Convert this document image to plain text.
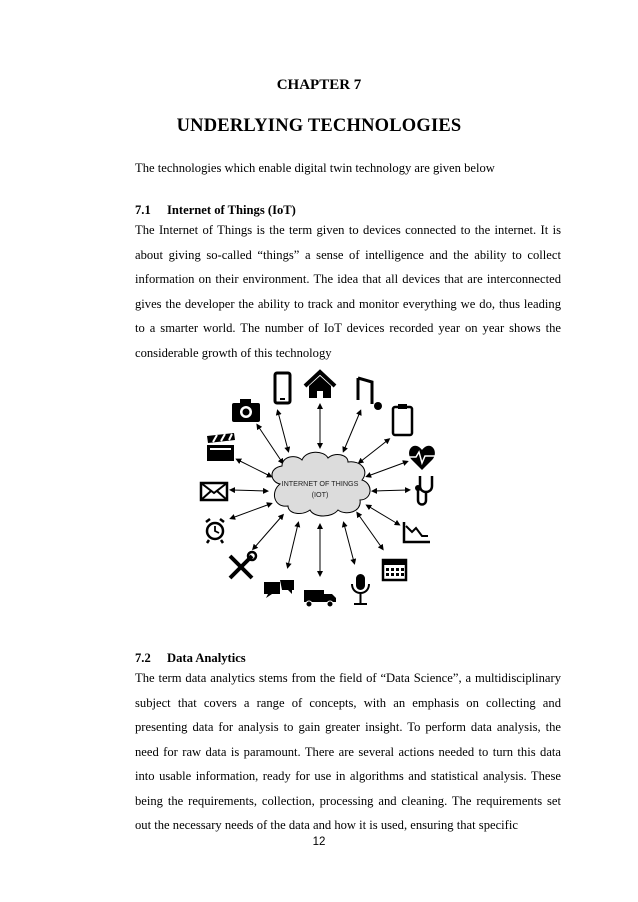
CHAPTER 7
UNDERLYING TECHNOLOGIES
The technologies which enable digital twin technology are given below
7.1 Internet of Things (IoT)
The Internet of Things is the term given to devices connected to the internet. It is about giving so-called “things” a sense of intelligence and the ability to collect information on their environment. The idea that all devices that are interconnected gives the developer the ability to track and monitor everything we do, thus leading to a smarter world. The number of IoT devices recorded year on year shows the considerable growth of this technology
INTERNET OF THINGS
(IOT)
7.2 Data Analytics
The term data analytics stems from the field of “Data Science”, a multidisciplinary subject that covers a range of concepts, with an emphasis on collecting and presenting data for analysis to gain greater insight. To perform data analysis, the need for raw data is paramount. There are several actions needed to turn this data into usable information, ready for use in algorithms and statistical analysis. These being the requirements, collection, processing and cleaning. The requirements set out the necessary needs of the data and how it is used, ensuring that specific
12
